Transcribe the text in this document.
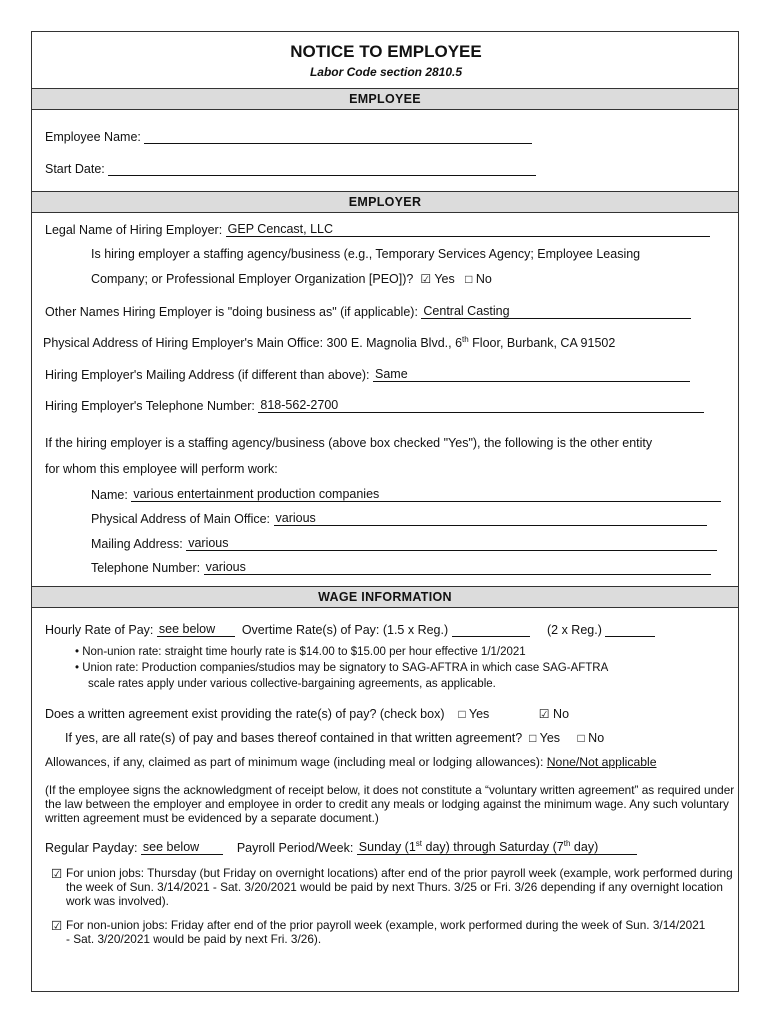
NOTICE TO EMPLOYEE
Labor Code section 2810.5
EMPLOYEE
Employee Name:
Start Date:
EMPLOYER
Legal Name of Hiring Employer: GEP Cencast, LLC
Is hiring employer a staffing agency/business (e.g., Temporary Services Agency; Employee Leasing
Company; or Professional Employer Organization [PEO])? ☑ Yes □ No
Other Names Hiring Employer is "doing business as" (if applicable): Central Casting
Physical Address of Hiring Employer's Main Office: 300 E. Magnolia Blvd., 6th Floor, Burbank, CA 91502
Hiring Employer's Mailing Address (if different than above): Same
Hiring Employer's Telephone Number: 818-562-2700
If the hiring employer is a staffing agency/business (above box checked "Yes"), the following is the other entity
for whom this employee will perform work:
Name: various entertainment production companies
Physical Address of Main Office: various
Mailing Address: various
Telephone Number: various
WAGE INFORMATION
Hourly Rate of Pay: see below Overtime Rate(s) of Pay: (1.5 x Reg.)	(2 x Reg.)
• Non-union rate: straight time hourly rate is $14.00 to $15.00 per hour effective 1/1/2021
• Union rate: Production companies/studios may be signatory to SAG-AFTRA in which case SAG-AFTRA
scale rates apply under various collective-bargaining agreements, as applicable.
Does a written agreement exist providing the rate(s) of pay? (check box) □ Yes	☑ No
If yes, are all rate(s) of pay and bases thereof contained in that written agreement? □ Yes □ No
Allowances, if any, claimed as part of minimum wage (including meal or lodging allowances): None/Not applicable
(If the employee signs the acknowledgment of receipt below, it does not constitute a “voluntary written agreement” as required under the law between the employer and employee in order to credit any meals or lodging against the minimum wage. Any such voluntary written agreement must be evidenced by a separate document.)
Regular Payday: see below	Payroll Period/Week: Sunday (1st day) through Saturday (7th day)
☑ For union jobs: Thursday (but Friday on overnight locations) after end of the prior payroll week (example, work performed during the week of Sun. 3/14/2021 - Sat. 3/20/2021 would be paid by next Thurs. 3/25 or Fri. 3/26 depending if any overnight location work was involved).
☑ For non-union jobs: Friday after end of the prior payroll week (example, work performed during the week of Sun. 3/14/2021 - Sat. 3/20/2021 would be paid by next Fri. 3/26).
